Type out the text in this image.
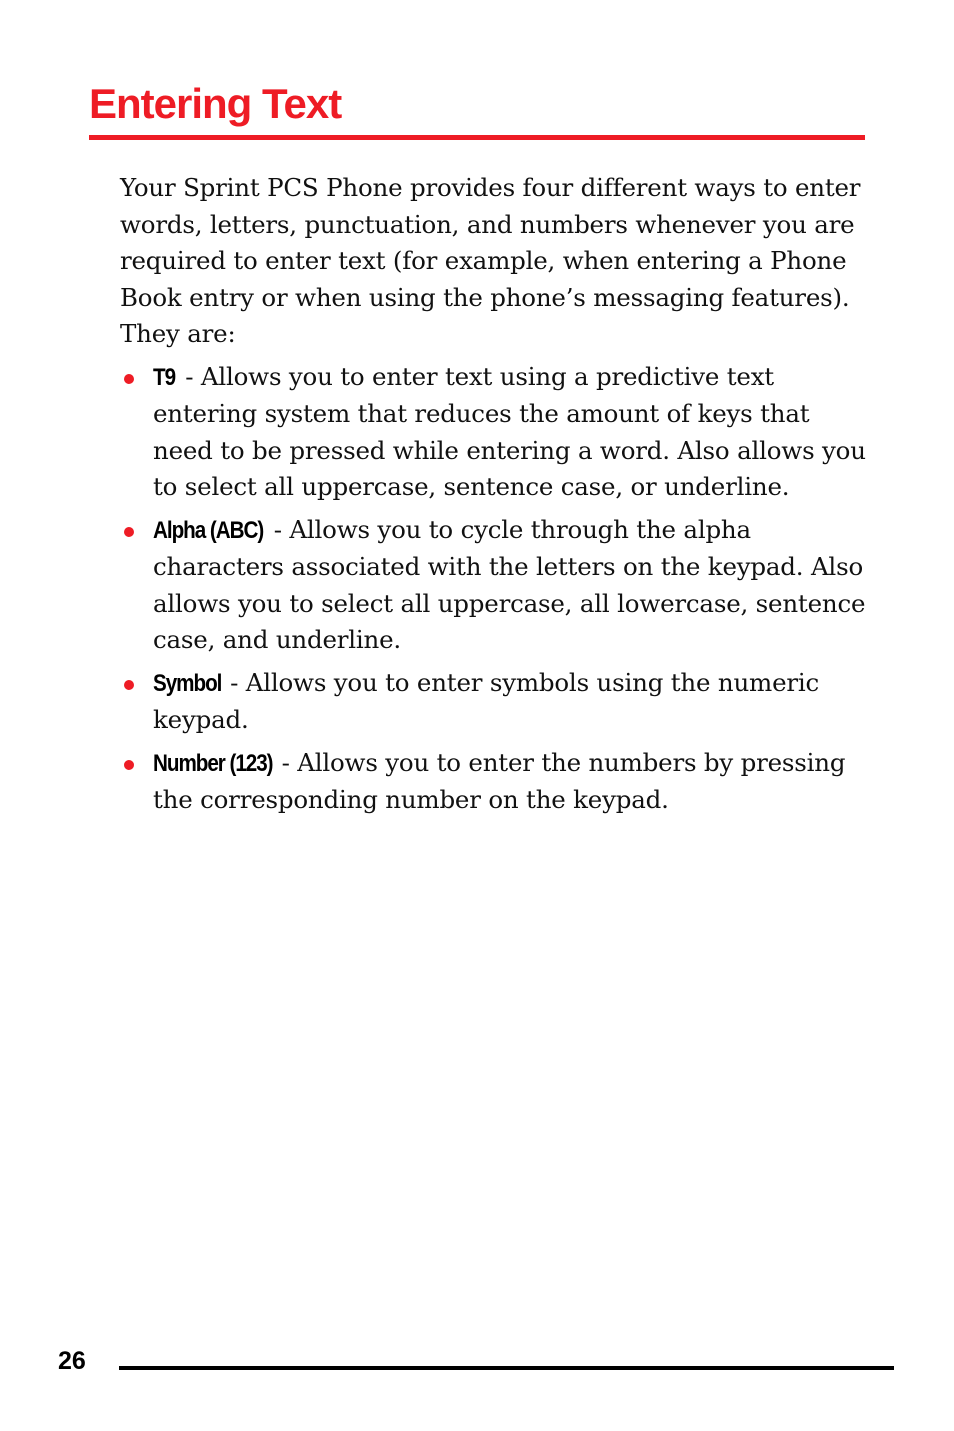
Entering Text

Your Sprint PCS Phone provides four different ways to enter words, letters, punctuation, and numbers whenever you are required to enter text (for example, when entering a Phone Book entry or when using the phone’s messaging features). They are:

T9 - Allows you to enter text using a predictive text entering system that reduces the amount of keys that need to be pressed while entering a word. Also allows you to select all uppercase, sentence case, or underline.
Alpha (ABC) - Allows you to cycle through the alpha characters associated with the letters on the keypad. Also allows you to select all uppercase, all lowercase, sentence case, and underline.
Symbol - Allows you to enter symbols using the numeric keypad.
Number (123) - Allows you to enter the numbers by pressing the corresponding number on the keypad.
26
